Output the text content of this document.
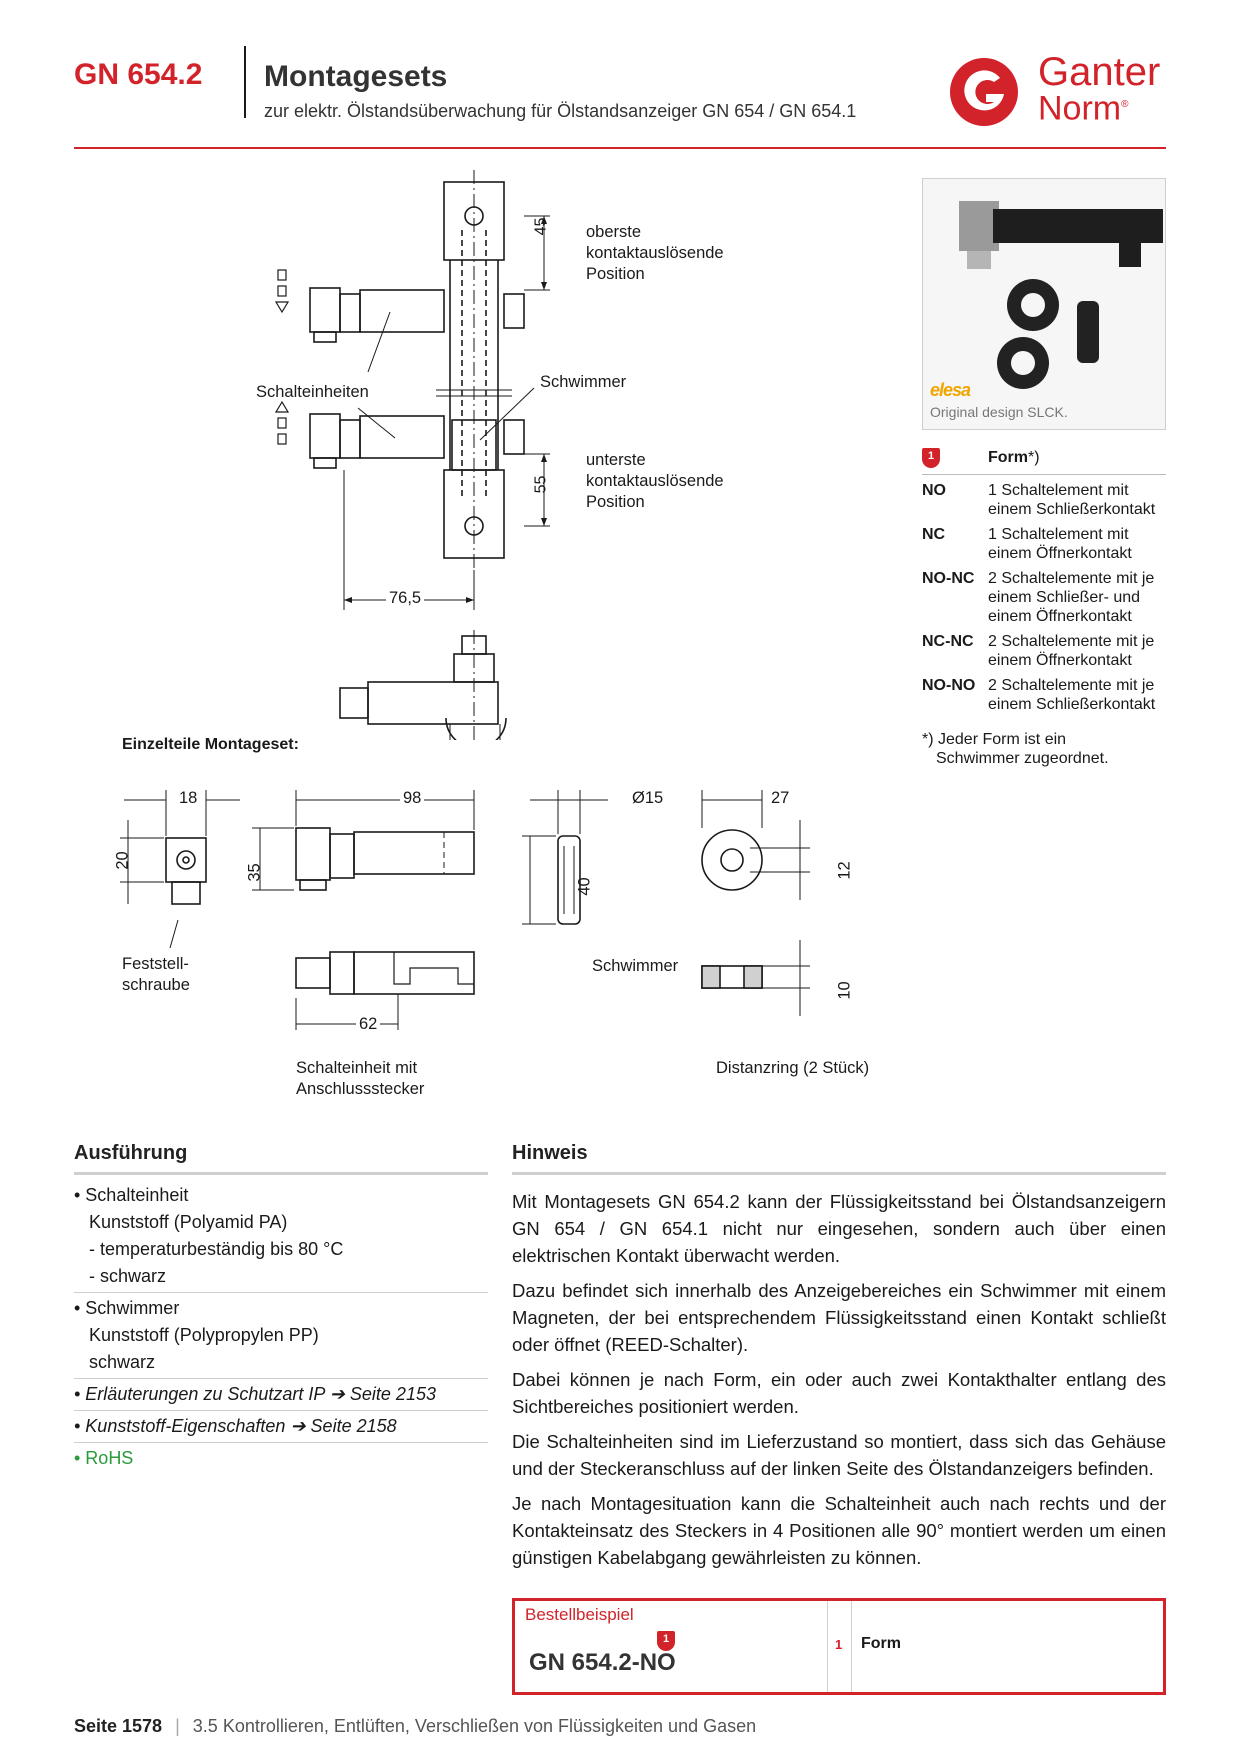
GN 654.2 Montagesets
zur elektr. Ölstandsüberwachung für Ölstandsanzeiger GN 654 / GN 654.1
Ganter
Norm®
45 oberste
kontaktauslösende
Position
Schalteinheiten
Schwimmer
55
unterste
kontaktauslösende
Position
76,5
elesa
Original design SLCK.
1	Form *)
NO	1 Schaltelement mit einem Schließerkontakt
NC	1 Schaltelement mit einem Öffnerkontakt
NO-NC 2 Schaltelemente mit je einem Schließer- und einem Öffnerkontakt
NC-NC 2 Schaltelemente mit je einem Öffnerkontakt
NO-NO 2 Schaltelemente mit je einem Schließerkontakt
*) Jeder Form ist ein
Schwimmer zugeordnet.
Einzelteile Montageset:
18
20
98
35
62
Ø15
40
27
12
10
Feststell-
schraube
Schalteinheit mit
Anschlussstecker
Schwimmer
Distanzring (2 Stück)
Ausführung
• Schalteinheit
Kunststoff (Polyamid PA)
- temperaturbeständig bis 80 °C
- schwarz
• Schwimmer
Kunststoff (Polypropylen PP)
schwarz
• Erläuterungen zu Schutzart IP ➔ Seite 2153
• Kunststoff-Eigenschaften ➔ Seite 2158
• RoHS
Hinweis

Mit Montagesets GN 654.2 kann der Flüssigkeitsstand bei Ölstandsanzeigern GN 654 / GN 654.1 nicht nur eingesehen, sondern auch über einen elektrischen Kontakt überwacht werden.

Dazu befindet sich innerhalb des Anzeigebereiches ein Schwimmer mit einem Magneten, der bei entsprechendem Flüssigkeitsstand einen Kontakt schließt oder öffnet (REED-Schalter).

Dabei können je nach Form, ein oder auch zwei Kontakthalter entlang des Sichtbereiches positioniert werden.

Die Schalteinheiten sind im Lieferzustand so montiert, dass sich das Gehäuse und der Steckeranschluss auf der linken Seite des Ölstandanzeigers befinden.

Je nach Montagesituation kann die Schalteinheit auch nach rechts und der Kontakteinsatz des Steckers in 4 Positionen alle 90° montiert werden um einen günstigen Kabelabgang gewährleisten zu können.

Bestellbeispiel
1
GN 654.2-NO
1 Form
Seite 1578 | 3.5 Kontrollieren, Entlüften, Verschließen von Flüssigkeiten und Gasen
